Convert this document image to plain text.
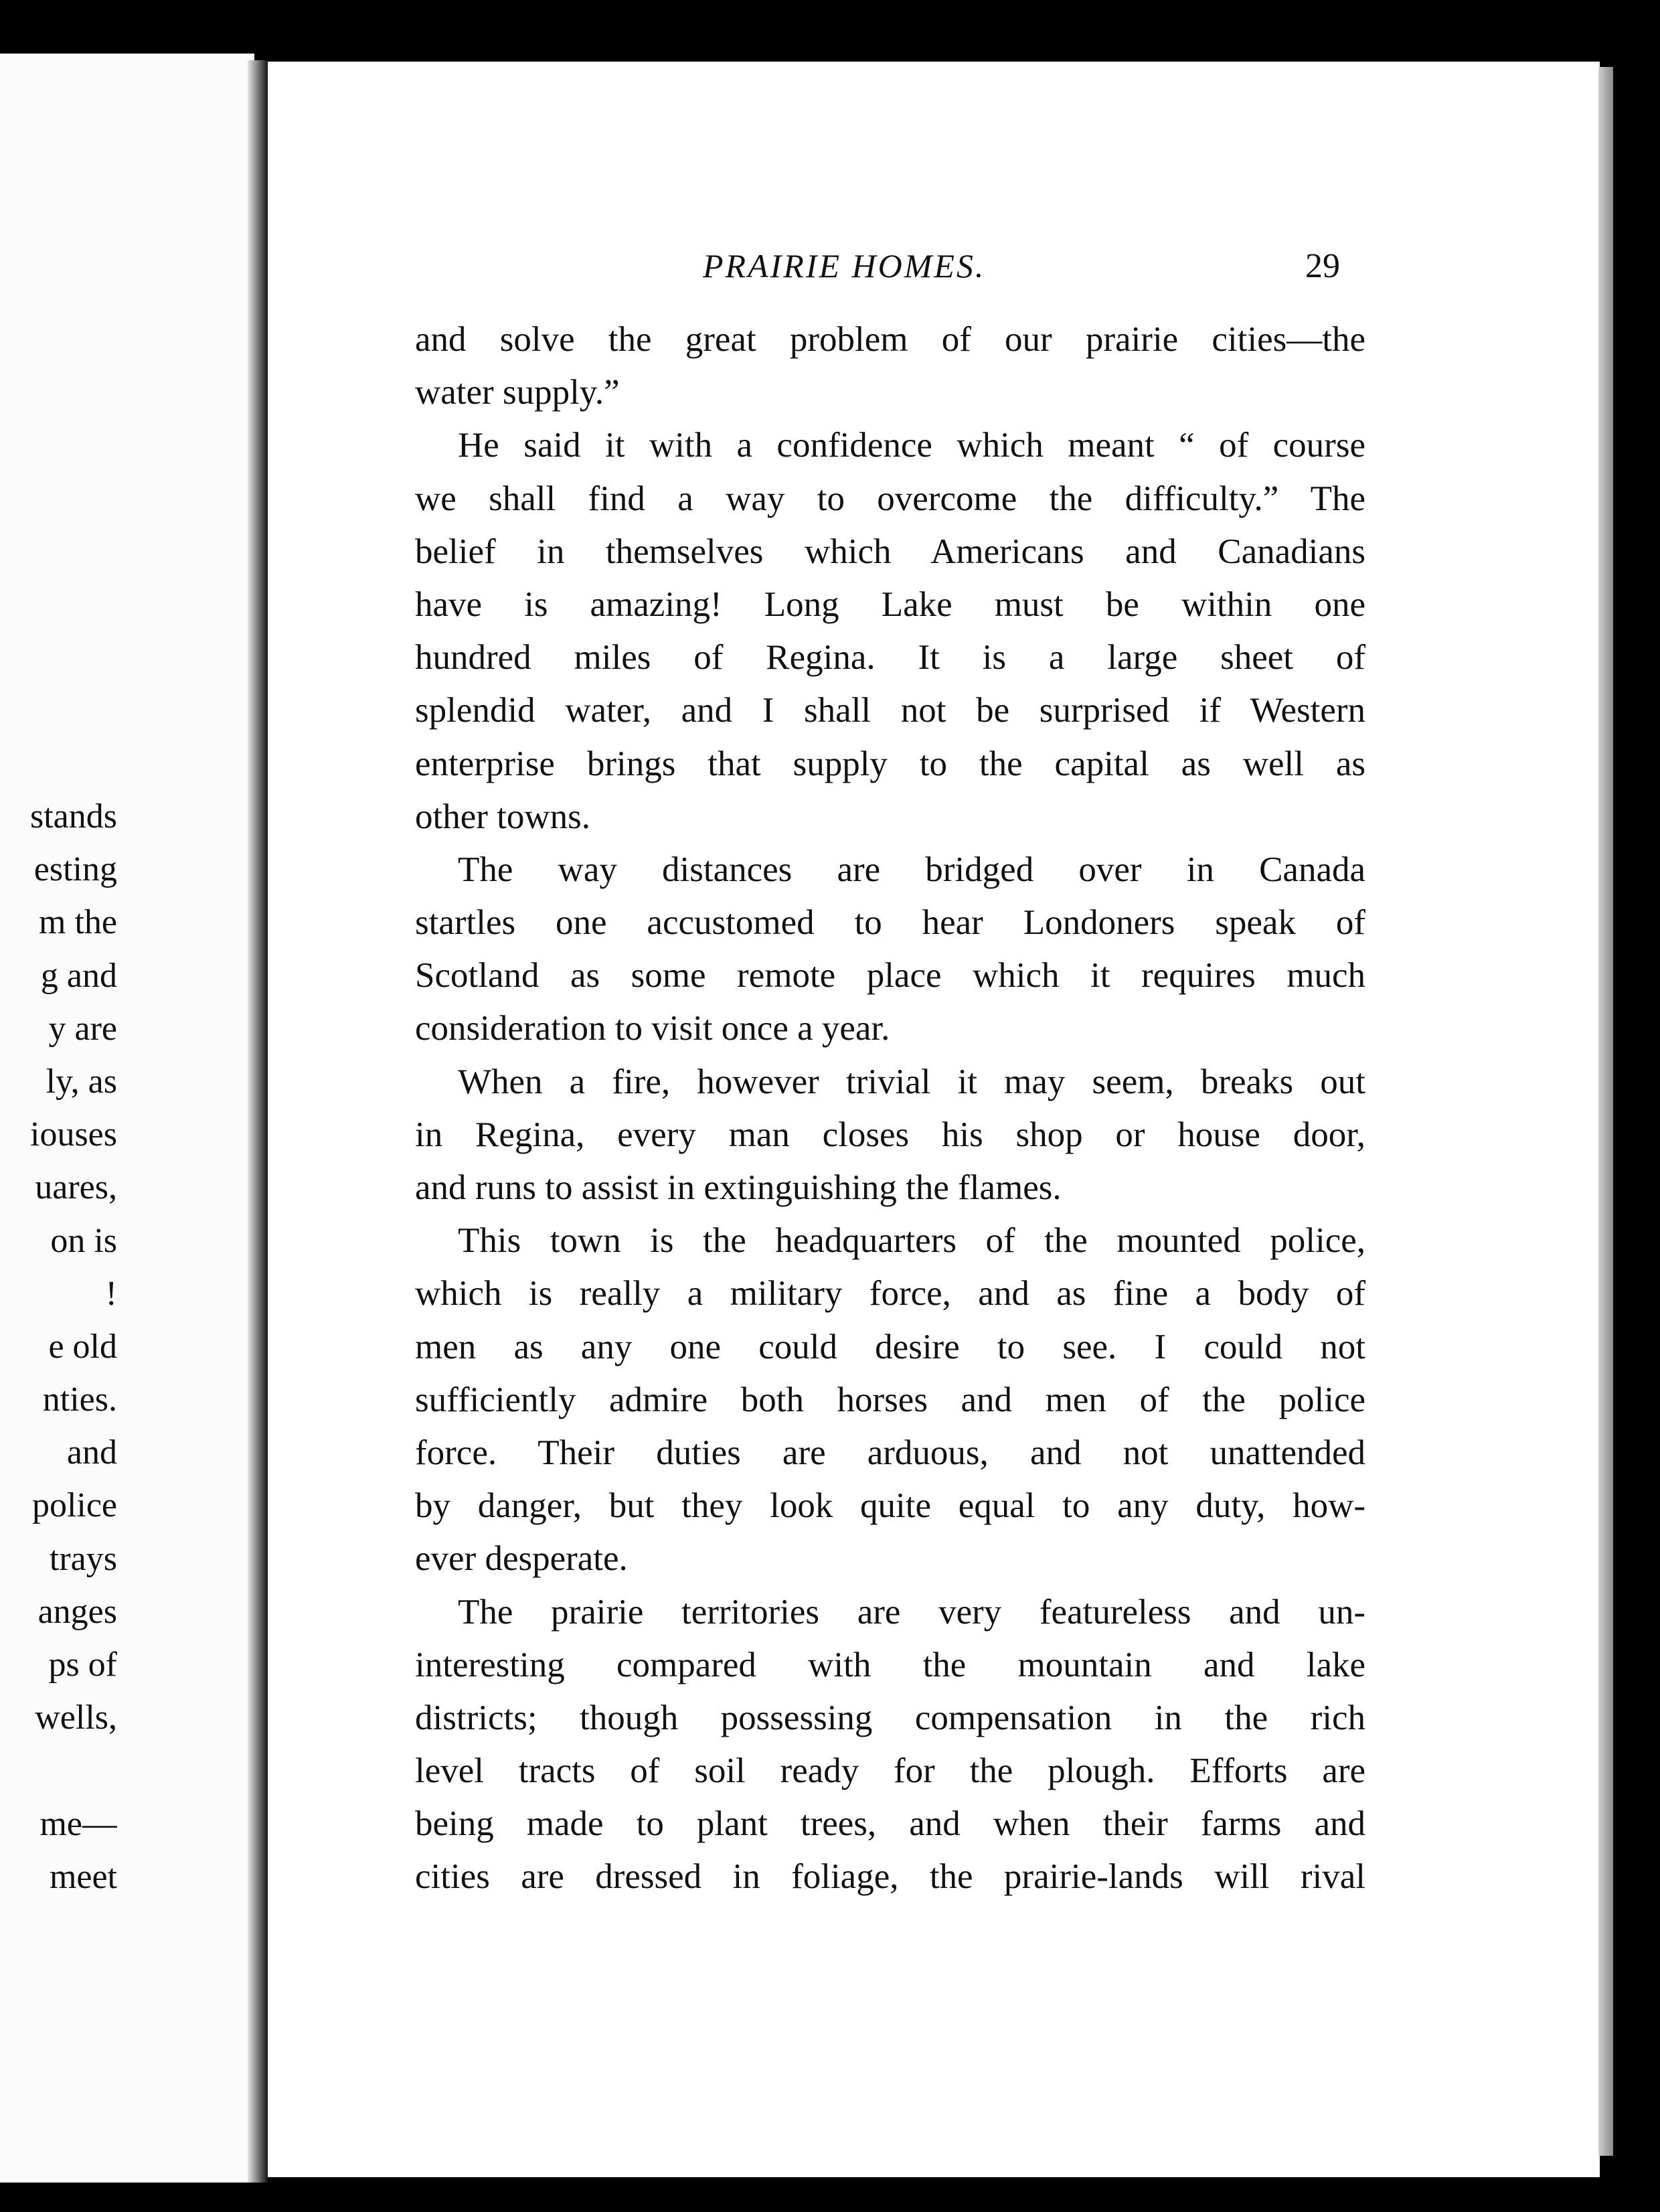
stands
esting
m the
g and
y are
ly, as
iouses
uares,
on is
!
e old
nties.
and
police
trays
anges
ps of
wells,
me—
meet
PRAIRIE HOMES.	29
and solve the great problem of our prairie cities—the
water supply.”
He said it with a confidence which meant “ of course
we shall find a way to overcome the difficulty.” The
belief in themselves which Americans and Canadians
have is amazing! Long Lake must be within one
hundred miles of Regina. It is a large sheet of
splendid water, and I shall not be surprised if Western
enterprise brings that supply to the capital as well as
other towns.
The way distances are bridged over in Canada
startles one accustomed to hear Londoners speak of
Scotland as some remote place which it requires much
consideration to visit once a year.
When a fire, however trivial it may seem, breaks out
in Regina, every man closes his shop or house door,
and runs to assist in extinguishing the flames.
This town is the headquarters of the mounted police,
which is really a military force, and as fine a body of
men as any one could desire to see. I could not
sufficiently admire both horses and men of the police
force. Their duties are arduous, and not unattended
by danger, but they look quite equal to any duty, how-
ever desperate.
The prairie territories are very featureless and un-
interesting compared with the mountain and lake
districts; though possessing compensation in the rich
level tracts of soil ready for the plough. Efforts are
being made to plant trees, and when their farms and
cities are dressed in foliage, the prairie-lands will rival
